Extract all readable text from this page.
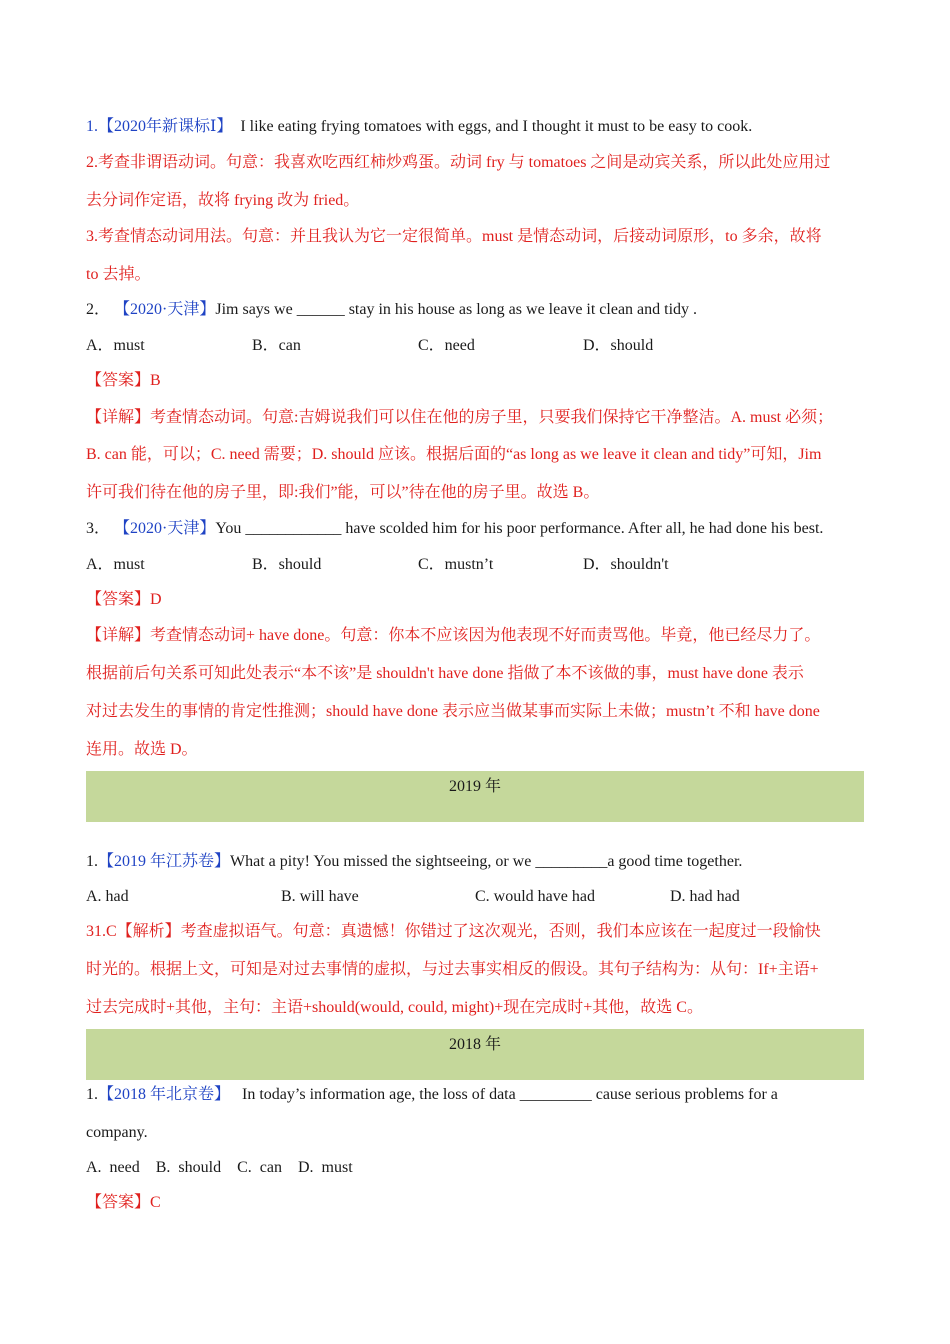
1.【2020年新课标Ⅰ】 I like eating frying tomatoes with eggs, and I thought it must to be easy to cook.
2.考查非谓语动词。句意：我喜欢吃西红柿炒鸡蛋。动词 fry 与 tomatoes 之间是动宾关系，所以此处应用过
去分词作定语，故将 frying 改为 fried。
3.考查情态动词用法。句意：并且我认为它一定很简单。must 是情态动词，后接动词原形，to 多余，故将
to 去掉。
2． 【2020·天津】Jim says we ______ stay in his house as long as we leave it clean and tidy .
A．must	B．can	C．need	D．should
【答案】B
【详解】考查情态动词。句意:吉姆说我们可以住在他的房子里，只要我们保持它干净整洁。A. must 必须；
B. can 能，可以；C. need 需要；D. should 应该。根据后面的“as long as we leave it clean and tidy”可知，Jim
许可我们待在他的房子里，即:我们”能，可以”待在他的房子里。故选 B。
3． 【2020·天津】You ____________ have scolded him for his poor performance. After all, he had done his best.
A．must	B．should	C．mustn’t	D．shouldn't
【答案】D
【详解】考查情态动词+ have done。句意：你本不应该因为他表现不好而责骂他。毕竟，他已经尽力了。
根据前后句关系可知此处表示“本不该”是 shouldn't have done 指做了本不该做的事，must have done 表示
对过去发生的事情的肯定性推测；should have done 表示应当做某事而实际上未做；mustn’t 不和 have done
连用。故选 D。
2019 年
1.【2019 年江苏卷】What a pity! You missed the sightseeing, or we _________a good time together.
A. had	B. will have	C. would have had	D. had had
31.C【解析】考查虚拟语气。句意：真遗憾！你错过了这次观光，否则，我们本应该在一起度过一段愉快
时光的。根据上文，可知是对过去事情的虚拟，与过去事实相反的假设。其句子结构为：从句：If+主语+
过去完成时+其他，主句：主语+should(would, could, might)+现在完成时+其他，故选 C。
2018 年
1.【2018 年北京卷】 In today’s information age, the loss of data _________ cause serious problems for a
company.
A.  need    B.  should    C.  can    D.  must
【答案】C
